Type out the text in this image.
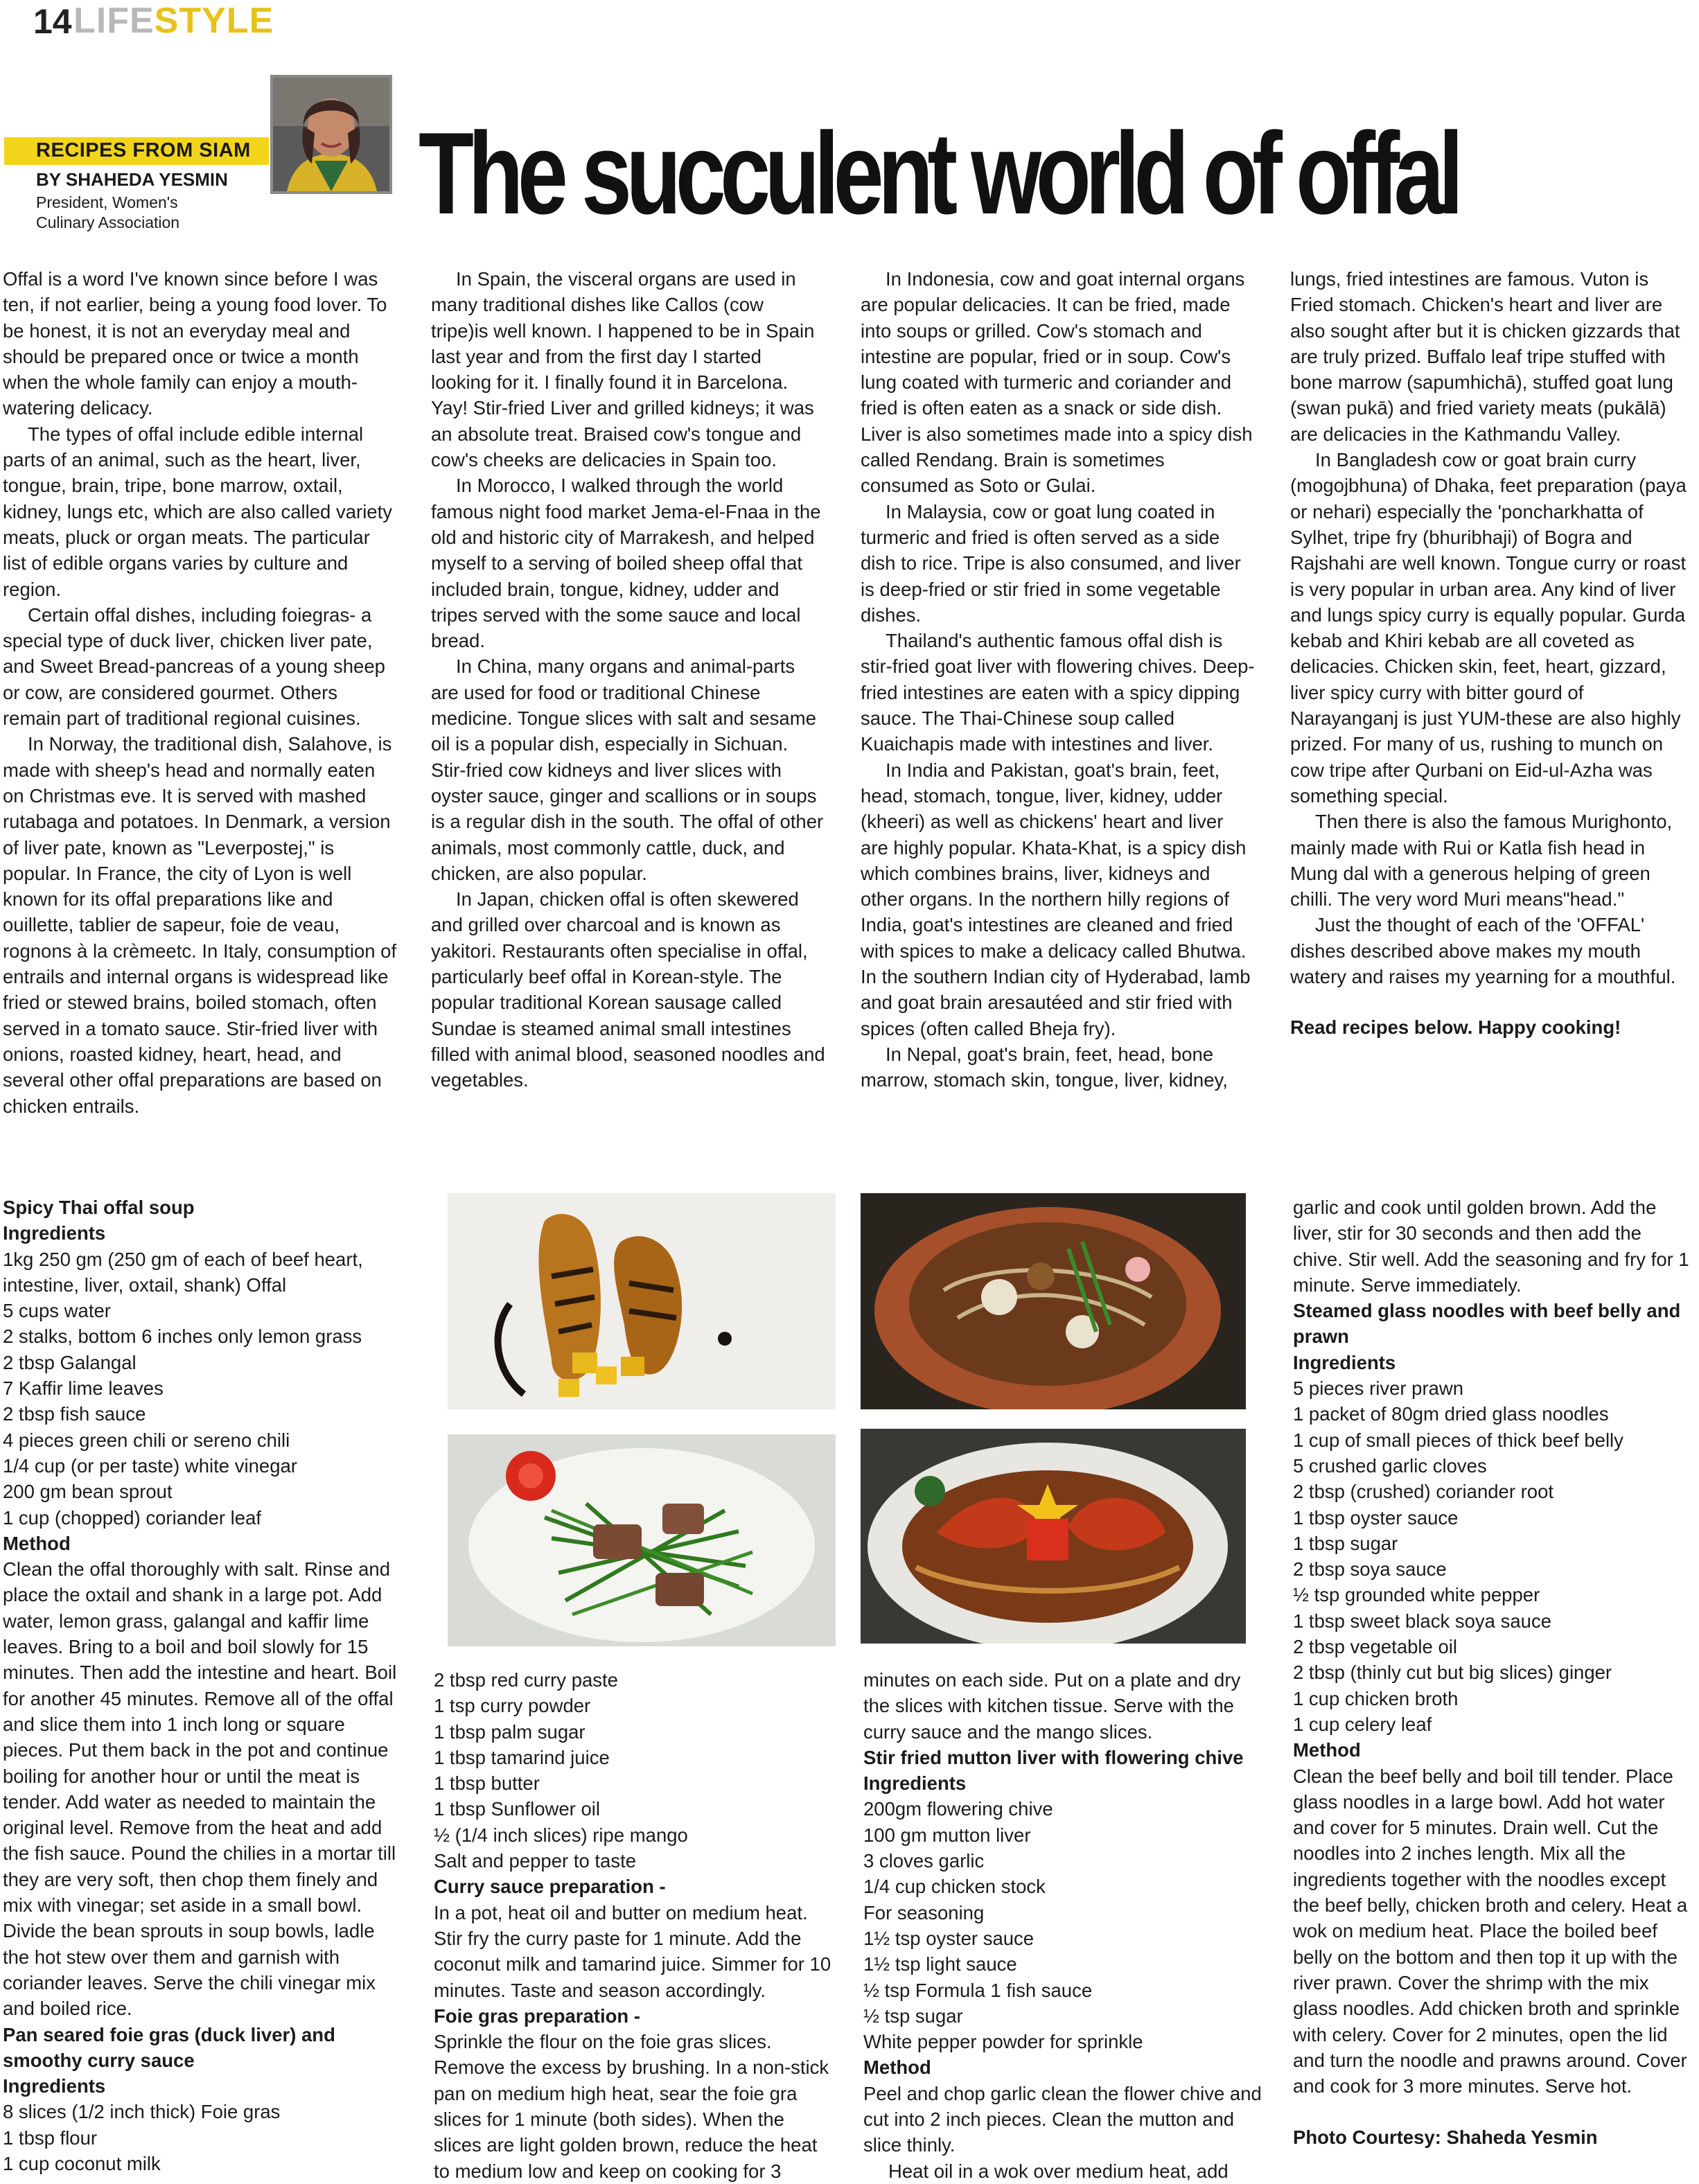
14 LIFESTYLE
RECIPES FROM SIAM
BY SHAHEDA YESMIN
President, Women's Culinary Association	The succulent world of offal

Offal is a word I've known since before I was ten, if not earlier, being a young food lover. To be honest, it is not an everyday meal and should be prepared once or twice a month when the whole family can enjoy a mouth-watering delicacy.

The types of offal include edible internal parts of an animal, such as the heart, liver, tongue, brain, tripe, bone marrow, oxtail, kidney, lungs etc, which are also called variety meats, pluck or organ meats. The particular list of edible organs varies by culture and region.

Certain offal dishes, including foiegras- a special type of duck liver, chicken liver pate, and Sweet Bread-pancreas of a young sheep or cow, are considered gourmet. Others remain part of traditional regional cuisines.

In Norway, the traditional dish, Salahove, is made with sheep's head and normally eaten on Christmas eve. It is served with mashed rutabaga and potatoes. In Denmark, a version of liver pate, known as "Leverpostej," is popular. In France, the city of Lyon is well known for its offal preparations like and ouillette, tablier de sapeur, foie de veau, rognons à la crèmeetc. In Italy, consumption of entrails and internal organs is widespread like fried or stewed brains, boiled stomach, often served in a tomato sauce. Stir-fried liver with onions, roasted kidney, heart, head, and several other offal preparations are based on chicken entrails.

In Spain, the visceral organs are used in many traditional dishes like Callos (cow tripe)is well known. I happened to be in Spain last year and from the first day I started looking for it. I finally found it in Barcelona. Yay! Stir-fried Liver and grilled kidneys; it was an absolute treat. Braised cow's tongue and cow's cheeks are delicacies in Spain too.

In Morocco, I walked through the world famous night food market Jema-el-Fnaa in the old and historic city of Marrakesh, and helped myself to a serving of boiled sheep offal that included brain, tongue, kidney, udder and tripes served with the some sauce and local bread.

In China, many organs and animal-parts are used for food or traditional Chinese medicine. Tongue slices with salt and sesame oil is a popular dish, especially in Sichuan. Stir-fried cow kidneys and liver slices with oyster sauce, ginger and scallions or in soups is a regular dish in the south. The offal of other animals, most commonly cattle, duck, and chicken, are also popular.

In Japan, chicken offal is often skewered and grilled over charcoal and is known as yakitori. Restaurants often specialise in offal, particularly beef offal in Korean-style. The popular traditional Korean sausage called Sundae is steamed animal small intestines filled with animal blood, seasoned noodles and vegetables.

In Indonesia, cow and goat internal organs are popular delicacies. It can be fried, made into soups or grilled. Cow's stomach and intestine are popular, fried or in soup. Cow's lung coated with turmeric and coriander and fried is often eaten as a snack or side dish. Liver is also sometimes made into a spicy dish called Rendang. Brain is sometimes consumed as Soto or Gulai.

In Malaysia, cow or goat lung coated in turmeric and fried is often served as a side dish to rice. Tripe is also consumed, and liver is deep-fried or stir fried in some vegetable dishes.

Thailand's authentic famous offal dish is stir-fried goat liver with flowering chives. Deep-fried intestines are eaten with a spicy dipping sauce. The Thai-Chinese soup called Kuaichapis made with intestines and liver.

In India and Pakistan, goat's brain, feet, head, stomach, tongue, liver, kidney, udder (kheeri) as well as chickens' heart and liver are highly popular. Khata-Khat, is a spicy dish which combines brains, liver, kidneys and other organs. In the northern hilly regions of India, goat's intestines are cleaned and fried with spices to make a delicacy called Bhutwa. In the southern Indian city of Hyderabad, lamb and goat brain aresautéed and stir fried with spices (often called Bheja fry).

In Nepal, goat's brain, feet, head, bone marrow, stomach skin, tongue, liver, kidney,

lungs, fried intestines are famous. Vuton is Fried stomach. Chicken's heart and liver are also sought after but it is chicken gizzards that are truly prized. Buffalo leaf tripe stuffed with bone marrow (sapumhichā), stuffed goat lung (swan pukā) and fried variety meats (pukālā) are delicacies in the Kathmandu Valley.

In Bangladesh cow or goat brain curry (mogojbhuna) of Dhaka, feet preparation (paya or nehari) especially the 'poncharkhatta of Sylhet, tripe fry (bhuribhaji) of Bogra and Rajshahi are well known. Tongue curry or roast is very popular in urban area. Any kind of liver and lungs spicy curry is equally popular. Gurda kebab and Khiri kebab are all coveted as delicacies. Chicken skin, feet, heart, gizzard, liver spicy curry with bitter gourd of Narayanganj is just YUM-these are also highly prized. For many of us, rushing to munch on cow tripe after Qurbani on Eid-ul-Azha was something special.

Then there is also the famous Murighonto, mainly made with Rui or Katla fish head in Mung dal with a generous helping of green chilli. The very word Muri means"head."

Just the thought of each of the 'OFFAL' dishes described above makes my mouth watery and raises my yearning for a mouthful.

Read recipes below. Happy cooking!

Spicy Thai offal soup
Ingredients
1kg 250 gm (250 gm of each of beef heart, intestine, liver, oxtail, shank) Offal
5 cups water
2 stalks, bottom 6 inches only lemon grass
2 tbsp Galangal
7 Kaffir lime leaves
2 tbsp fish sauce
4 pieces green chili or sereno chili
1/4 cup (or per taste) white vinegar
200 gm bean sprout
1 cup (chopped) coriander leaf
Method
Clean the offal thoroughly with salt. Rinse and place the oxtail and shank in a large pot. Add water, lemon grass, galangal and kaffir lime leaves. Bring to a boil and boil slowly for 15 minutes. Then add the intestine and heart. Boil for another 45 minutes. Remove all of the offal and slice them into 1 inch long or square pieces. Put them back in the pot and continue boiling for another hour or until the meat is tender. Add water as needed to maintain the original level. Remove from the heat and add the fish sauce. Pound the chilies in a mortar till they are very soft, then chop them finely and mix with vinegar; set aside in a small bowl. Divide the bean sprouts in soup bowls, ladle the hot stew over them and garnish with coriander leaves. Serve the chili vinegar mix and boiled rice.
Pan seared foie gras (duck liver) and smoothy curry sauce
Ingredients
8 slices (1/2 inch thick) Foie gras
1 tbsp flour
1 cup coconut milk
2 tbsp red curry paste
1 tsp curry powder
1 tbsp palm sugar
1 tbsp tamarind juice
1 tbsp butter
1 tbsp Sunflower oil
½ (1/4 inch slices) ripe mango
Salt and pepper to taste
Curry sauce preparation -
In a pot, heat oil and butter on medium heat. Stir fry the curry paste for 1 minute. Add the coconut milk and tamarind juice. Simmer for 10 minutes. Taste and season accordingly.
Foie gras preparation -
Sprinkle the flour on the foie gras slices. Remove the excess by brushing. In a non-stick pan on medium high heat, sear the foie gra slices for 1 minute (both sides). When the slices are light golden brown, reduce the heat to medium low and keep on cooking for 3
minutes on each side. Put on a plate and dry the slices with kitchen tissue. Serve with the curry sauce and the mango slices.
Stir fried mutton liver with flowering chive
Ingredients
200gm flowering chive
100 gm mutton liver
3 cloves garlic
1/4 cup chicken stock
For seasoning
1½ tsp oyster sauce
1½ tsp light sauce
½ tsp Formula 1 fish sauce
½ tsp sugar
White pepper powder for sprinkle
Method
Peel and chop garlic clean the flower chive and cut into 2 inch pieces. Clean the mutton and slice thinly.
Heat oil in a wok over medium heat, add
garlic and cook until golden brown. Add the liver, stir for 30 seconds and then add the chive. Stir well. Add the seasoning and fry for 1 minute. Serve immediately.
Steamed glass noodles with beef belly and prawn
Ingredients
5 pieces river prawn
1 packet of 80gm dried glass noodles
1 cup of small pieces of thick beef belly
5 crushed garlic cloves
2 tbsp (crushed) coriander root
1 tbsp oyster sauce
1 tbsp sugar
2 tbsp soya sauce
½ tsp grounded white pepper
1 tbsp sweet black soya sauce
2 tbsp vegetable oil
2 tbsp (thinly cut but big slices) ginger
1 cup chicken broth
1 cup celery leaf
Method
Clean the beef belly and boil till tender. Place glass noodles in a large bowl. Add hot water and cover for 5 minutes. Drain well. Cut the noodles into 2 inches length. Mix all the ingredients together with the noodles except the beef belly, chicken broth and celery. Heat a wok on medium heat. Place the boiled beef belly on the bottom and then top it up with the river prawn. Cover the shrimp with the mix glass noodles. Add chicken broth and sprinkle with celery. Cover for 2 minutes, open the lid and turn the noodle and prawns around. Cover and cook for 3 more minutes. Serve hot.
Photo Courtesy: Shaheda Yesmin
